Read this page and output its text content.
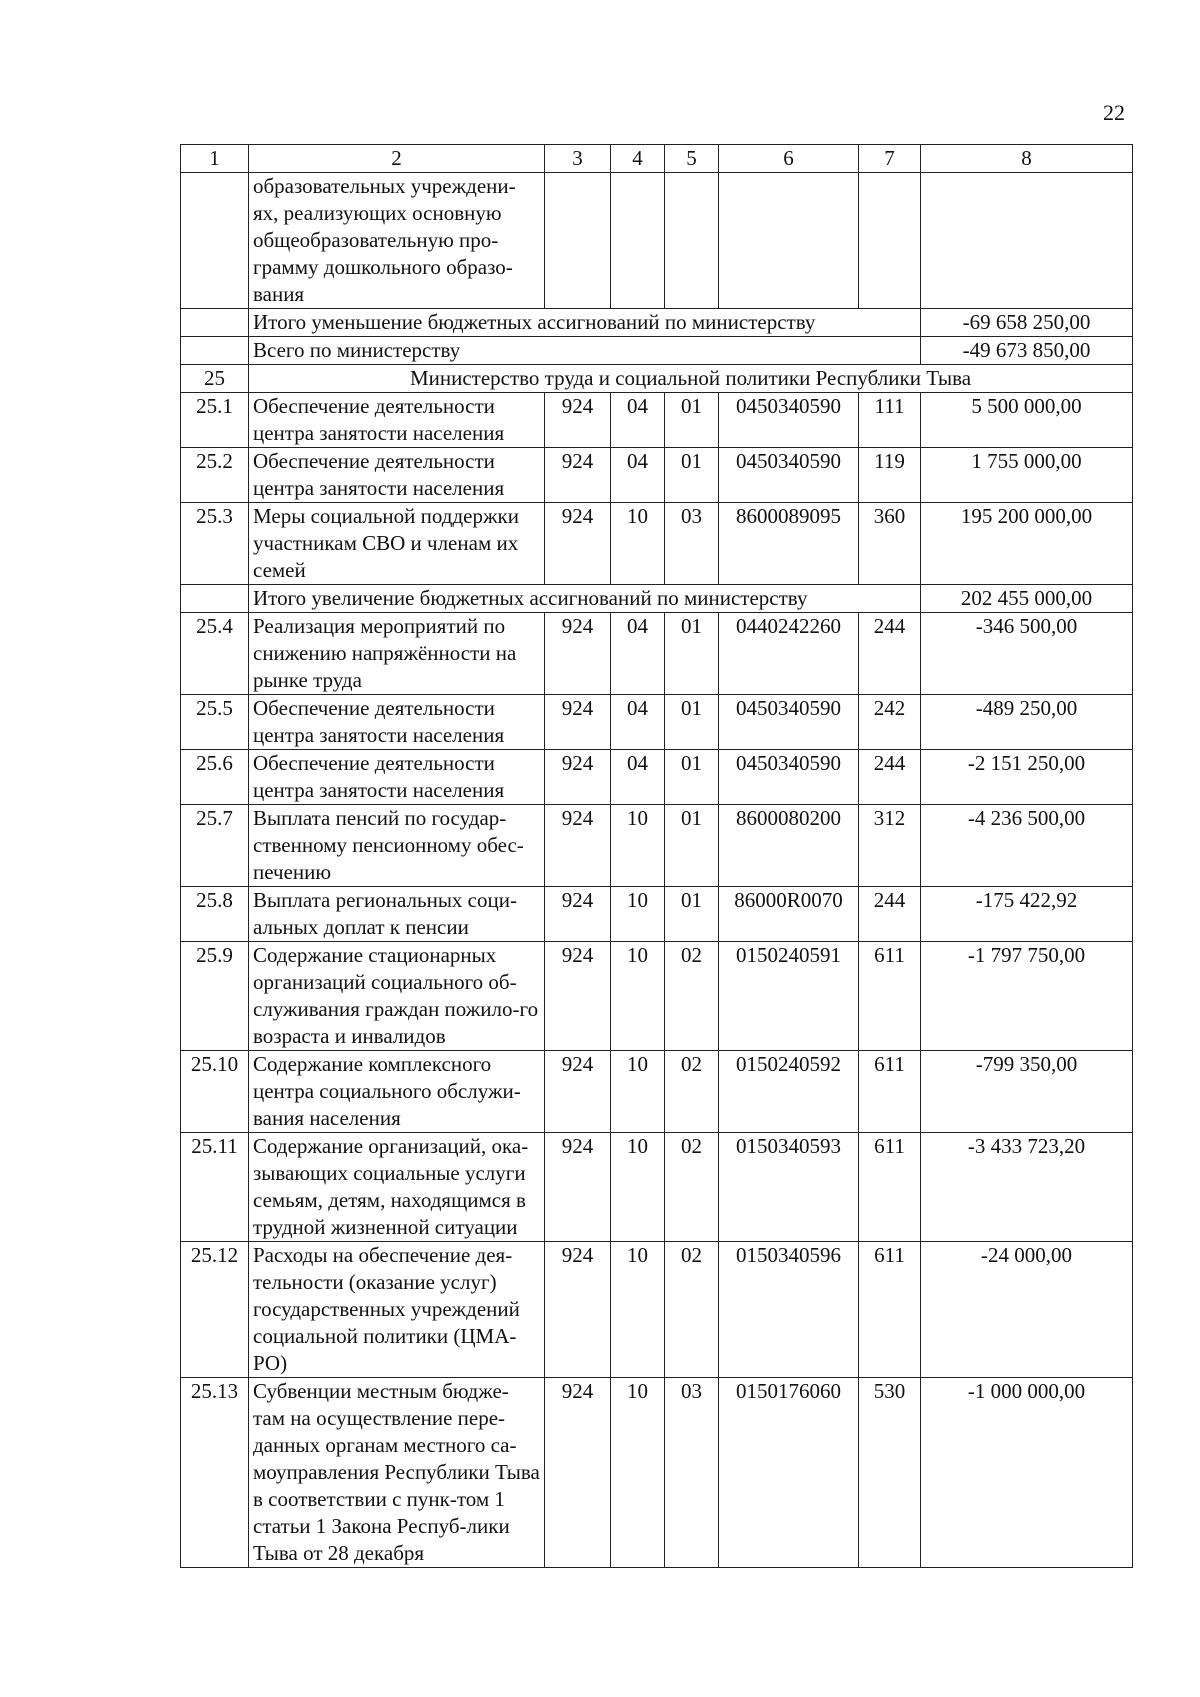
22
1	2	3	4	5	6	7	8
	образовательных учреждени-ях, реализующих основную общеобразовательную про-грамму дошкольного образо-вания						
	Итого уменьшение бюджетных ассигнований по министерству						-69 658 250,00
	Всего по министерству						-49 673 850,00
25	Министерство труда и социальной политики Республики Тыва						
25.1	Обеспечение деятельности центра занятости населения	924	04	01	0450340590	111	5 500 000,00
25.2	Обеспечение деятельности центра занятости населения	924	04	01	0450340590	119	1 755 000,00
25.3	Меры социальной поддержки участникам СВО и членам их семей	924	10	03	8600089095	360	195 200 000,00
	Итого увеличение бюджетных ассигнований по министерству						202 455 000,00
25.4	Реализация мероприятий по снижению напряжённости на рынке труда	924	04	01	0440242260	244	-346 500,00
25.5	Обеспечение деятельности центра занятости населения	924	04	01	0450340590	242	-489 250,00
25.6	Обеспечение деятельности центра занятости населения	924	04	01	0450340590	244	-2 151 250,00
25.7	Выплата пенсий по государ-ственному пенсионному обес-печению	924	10	01	8600080200	312	-4 236 500,00
25.8	Выплата региональных соци-альных доплат к пенсии	924	10	01	86000R0070	244	-175 422,92
25.9	Содержание стационарных организаций социального об-служивания граждан пожило-го возраста и инвалидов	924	10	02	0150240591	611	-1 797 750,00
25.10	Содержание комплексного центра социального обслужи-вания населения	924	10	02	0150240592	611	-799 350,00
25.11	Содержание организаций, ока-зывающих социальные услуги семьям, детям, находящимся в трудной жизненной ситуации	924	10	02	0150340593	611	-3 433 723,20
25.12	Расходы на обеспечение дея-тельности (оказание услуг) государственных учреждений социальной политики (ЦМА-РО)	924	10	02	0150340596	611	-24 000,00
25.13	Субвенции местным бюдже-там на осуществление пере-данных органам местного са-моуправления Республики Тыва в соответствии с пунк-том 1 статьи 1 Закона Респуб-лики Тыва от 28 декабря	924	10	03	0150176060	530	-1 000 000,00
